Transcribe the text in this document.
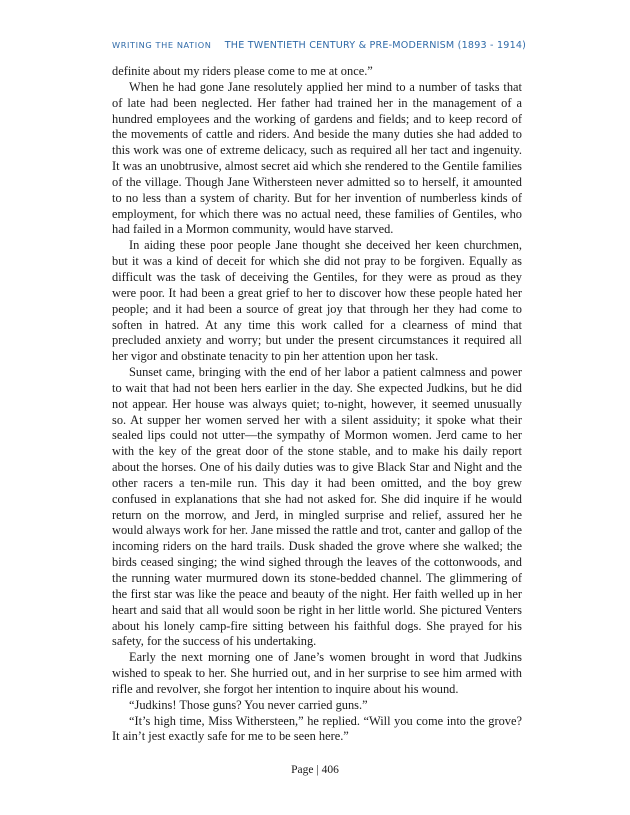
WRITING THE NATION THE TWENTIETH CENTURY & PRE-MODERNISM (1893 - 1914)

definite about my riders please come to me at once.”

When he had gone Jane resolutely applied her mind to a number of tasks that of late had been neglected. Her father had trained her in the management of a hundred employees and the working of gardens and fields; and to keep record of the movements of cattle and riders. And beside the many duties she had added to this work was one of extreme delicacy, such as required all her tact and ingenuity. It was an unobtrusive, almost secret aid which she rendered to the Gentile families of the village. Though Jane Withersteen never admitted so to herself, it amounted to no less than a system of charity. But for her invention of numberless kinds of employment, for which there was no actual need, these families of Gentiles, who had failed in a Mormon community, would have starved.

In aiding these poor people Jane thought she deceived her keen churchmen, but it was a kind of deceit for which she did not pray to be forgiven. Equally as difficult was the task of deceiving the Gentiles, for they were as proud as they were poor. It had been a great grief to her to discover how these people hated her people; and it had been a source of great joy that through her they had come to soften in hatred. At any time this work called for a clearness of mind that precluded anxiety and worry; but under the present circumstances it required all her vigor and obstinate tenacity to pin her attention upon her task.

Sunset came, bringing with the end of her labor a patient calmness and power to wait that had not been hers earlier in the day. She expected Judkins, but he did not appear. Her house was always quiet; to-night, however, it seemed unusually so. At supper her women served her with a silent assiduity; it spoke what their sealed lips could not utter—the sympathy of Mormon women. Jerd came to her with the key of the great door of the stone stable, and to make his daily report about the horses. One of his daily duties was to give Black Star and Night and the other racers a ten-mile run. This day it had been omitted, and the boy grew confused in explanations that she had not asked for. She did inquire if he would return on the morrow, and Jerd, in mingled surprise and relief, assured her he would always work for her. Jane missed the rattle and trot, canter and gallop of the incoming riders on the hard trails. Dusk shaded the grove where she walked; the birds ceased singing; the wind sighed through the leaves of the cottonwoods, and the running water murmured down its stone-bedded channel. The glimmering of the first star was like the peace and beauty of the night. Her faith welled up in her heart and said that all would soon be right in her little world. She pictured Venters about his lonely camp-fire sitting between his faithful dogs. She prayed for his safety, for the success of his undertaking.

Early the next morning one of Jane’s women brought in word that Judkins wished to speak to her. She hurried out, and in her surprise to see him armed with rifle and revolver, she forgot her intention to inquire about his wound.

“Judkins! Those guns? You never carried guns.”

“It’s high time, Miss Withersteen,” he replied. “Will you come into the grove? It ain’t jest exactly safe for me to be seen here.”

Page | 406
